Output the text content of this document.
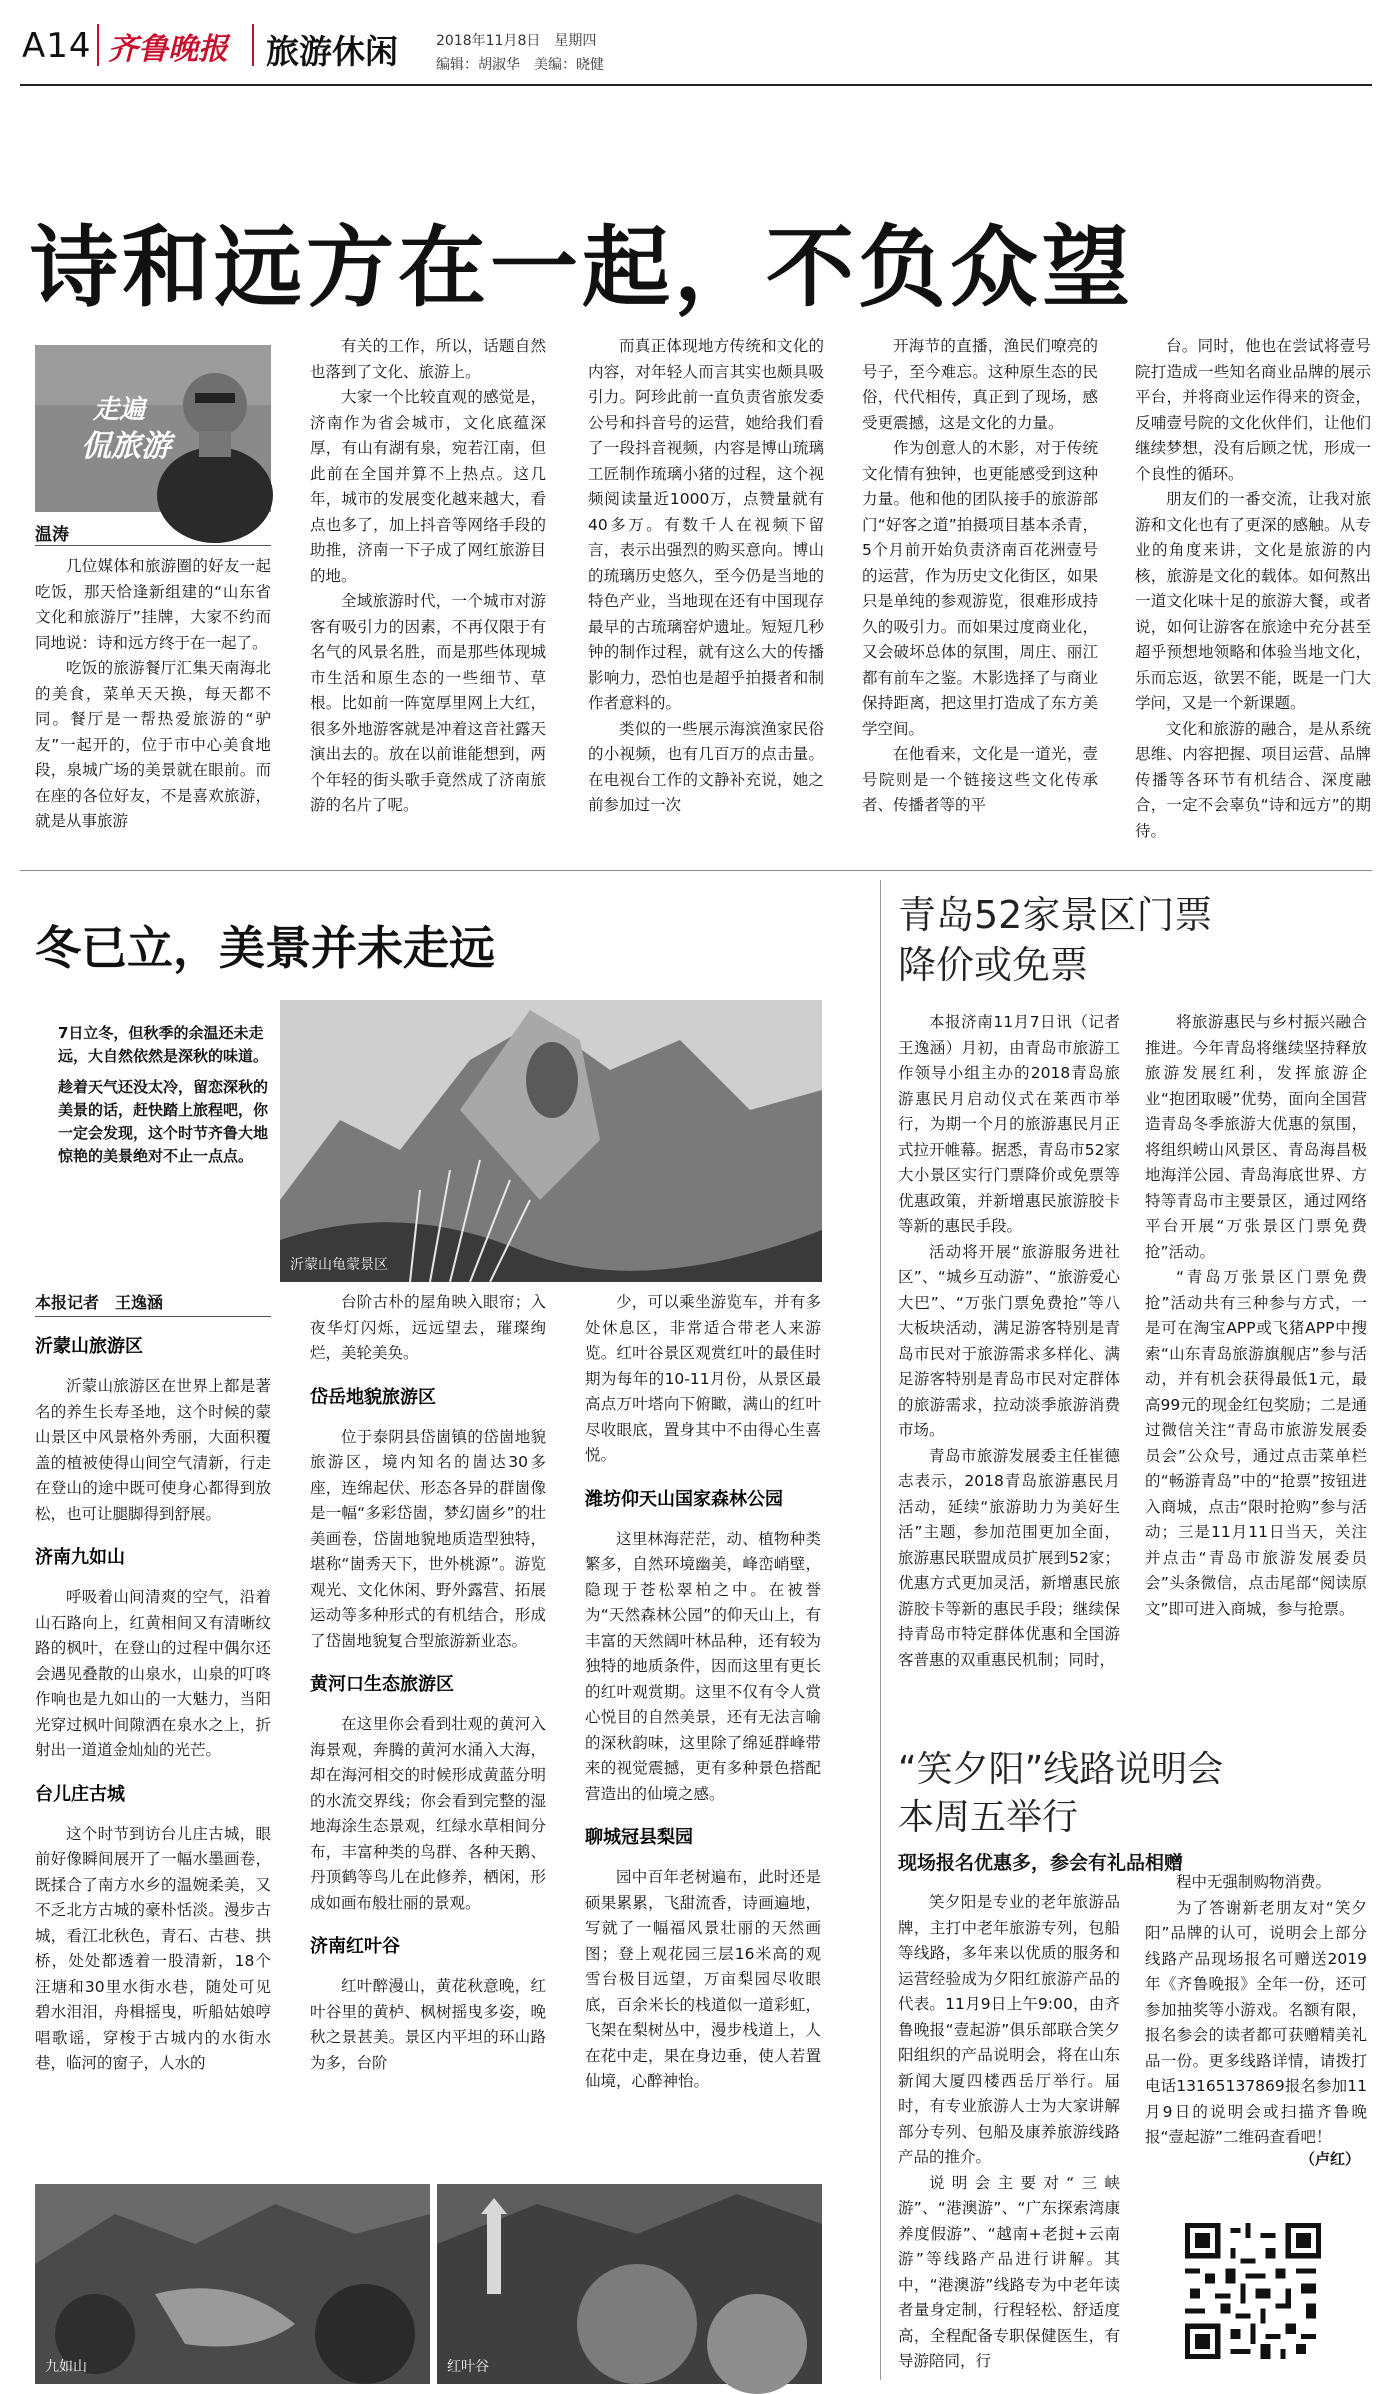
A14 齐鲁晚报 旅游休闲	2018年11月8日　星期四
编辑：胡淑华　美编：晓健
诗和远方在一起，不负众望
走遍
侃旅游
温涛

几位媒体和旅游圈的好友一起吃饭，那天恰逢新组建的“山东省文化和旅游厅”挂牌，大家不约而同地说：诗和远方终于在一起了。

吃饭的旅游餐厅汇集天南海北的美食，菜单天天换，每天都不同。餐厅是一帮热爱旅游的“驴友”一起开的，位于市中心美食地段，泉城广场的美景就在眼前。而在座的各位好友，不是喜欢旅游，就是从事旅游

有关的工作，所以，话题自然也落到了文化、旅游上。

大家一个比较直观的感觉是，济南作为省会城市，文化底蕴深厚，有山有湖有泉，宛若江南，但此前在全国并算不上热点。这几年，城市的发展变化越来越大，看点也多了，加上抖音等网络手段的助推，济南一下子成了网红旅游目的地。

全域旅游时代，一个城市对游客有吸引力的因素，不再仅限于有名气的风景名胜，而是那些体现城市生活和原生态的一些细节、草根。比如前一阵宽厚里网上大红，很多外地游客就是冲着这音社露天演出去的。放在以前谁能想到，两个年轻的街头歌手竟然成了济南旅游的名片了呢。

而真正体现地方传统和文化的内容，对年轻人而言其实也颇具吸引力。阿珍此前一直负责省旅发委公号和抖音号的运营，她给我们看了一段抖音视频，内容是博山琉璃工匠制作琉璃小猪的过程，这个视频阅读量近1000万，点赞量就有40多万。有数千人在视频下留言，表示出强烈的购买意向。博山的琉璃历史悠久，至今仍是当地的特色产业，当地现在还有中国现存最早的古琉璃窑炉遗址。短短几秒钟的制作过程，就有这么大的传播影响力，恐怕也是超乎拍摄者和制作者意料的。

类似的一些展示海滨渔家民俗的小视频，也有几百万的点击量。在电视台工作的文静补充说，她之前参加过一次

开海节的直播，渔民们嘹亮的号子，至今难忘。这种原生态的民俗，代代相传，真正到了现场，感受更震撼，这是文化的力量。

作为创意人的木影，对于传统文化情有独钟，也更能感受到这种力量。他和他的团队接手的旅游部门“好客之道”拍摄项目基本杀青，5个月前开始负责济南百花洲壹号的运营，作为历史文化街区，如果只是单纯的参观游览，很难形成持久的吸引力。而如果过度商业化，又会破坏总体的氛围，周庄、丽江都有前车之鉴。木影选择了与商业保持距离，把这里打造成了东方美学空间。

在他看来，文化是一道光，壹号院则是一个链接这些文化传承者、传播者等的平

台。同时，他也在尝试将壹号院打造成一些知名商业品牌的展示平台，并将商业运作得来的资金，反哺壹号院的文化伙伴们，让他们继续梦想，没有后顾之忧，形成一个良性的循环。

朋友们的一番交流，让我对旅游和文化也有了更深的感触。从专业的角度来讲，文化是旅游的内核，旅游是文化的载体。如何熬出一道文化味十足的旅游大餐，或者说，如何让游客在旅途中充分甚至超乎预想地领略和体验当地文化，乐而忘返，欲罢不能，既是一门大学问，又是一个新课题。

文化和旅游的融合，是从系统思维、内容把握、项目运营、品牌传播等各环节有机结合、深度融合，一定不会辜负“诗和远方”的期待。

冬已立，美景并未走远

7日立冬，但秋季的余温还未走远，大自然依然是深秋的味道。

趁着天气还没太冷，留恋深秋的美景的话，赶快踏上旅程吧，你一定会发现，这个时节齐鲁大地惊艳的美景绝对不止一点点。

沂蒙山龟蒙景区
本报记者　王逸涵
沂蒙山旅游区

沂蒙山旅游区在世界上都是著名的养生长寿圣地，这个时候的蒙山景区中风景格外秀丽，大面积覆盖的植被使得山间空气清新，行走在登山的途中既可使身心都得到放松，也可让腿脚得到舒展。

济南九如山

呼吸着山间清爽的空气，沿着山石路向上，红黄相间又有清晰纹路的枫叶，在登山的过程中偶尔还会遇见叠散的山泉水，山泉的叮咚作响也是九如山的一大魅力，当阳光穿过枫叶间隙洒在泉水之上，折射出一道道金灿灿的光芒。

台儿庄古城

这个时节到访台儿庄古城，眼前好像瞬间展开了一幅水墨画卷，既揉合了南方水乡的温婉柔美，又不乏北方古城的豪朴恬淡。漫步古城，看江北秋色，青石、古巷、拱桥，处处都透着一股清新，18个汪塘和30里水街水巷，随处可见碧水泪泪，舟楫摇曳，听船姑娘哼唱歌谣，穿梭于古城内的水街水巷，临河的窗子，人水的

台阶古朴的屋角映入眼帘；入夜华灯闪烁，远远望去，璀璨绚烂，美轮美奂。

岱岳地貌旅游区

位于泰阴县岱崮镇的岱崮地貌旅游区，境内知名的崮达30多座，连绵起伏、形态各异的群崮像是一幅“多彩岱崮，梦幻崮乡”的壮美画卷，岱崮地貌地质造型独特，堪称“崮秀天下，世外桃源”。游览观光、文化休闲、野外露营、拓展运动等多种形式的有机结合，形成了岱崮地貌复合型旅游新业态。

黄河口生态旅游区

在这里你会看到壮观的黄河入海景观，奔腾的黄河水涌入大海，却在海河相交的时候形成黄蓝分明的水流交界线；你会看到完整的湿地海涂生态景观，红绿水草相间分布，丰富种类的鸟群、各种天鹅、丹顶鹤等鸟儿在此修养，栖闲，形成如画布般壮丽的景观。

济南红叶谷

红叶醉漫山，黄花秋意晚，红叶谷里的黄栌、枫树摇曳多姿，晚秋之景甚美。景区内平坦的环山路为多，台阶

少，可以乘坐游览车，并有多处休息区，非常适合带老人来游览。红叶谷景区观赏红叶的最佳时期为每年的10-11月份，从景区最高点万叶塔向下俯瞰，满山的红叶尽收眼底，置身其中不由得心生喜悦。

潍坊仰天山国家森林公园

这里林海茫茫，动、植物种类繁多，自然环境幽美，峰峦峭壁，隐现于苍松翠柏之中。在被誉为“天然森林公园”的仰天山上，有丰富的天然阔叶林品种，还有较为独特的地质条件，因而这里有更长的红叶观赏期。这里不仅有令人赏心悦目的自然美景，还有无法言喻的深秋韵味，这里除了绵延群峰带来的视觉震撼，更有多种景色搭配营造出的仙境之感。

聊城冠县梨园

园中百年老树遍布，此时还是硕果累累，飞甜流香，诗画遍地，写就了一幅福风景壮丽的天然画图；登上观花园三层16米高的观雪台极目远望，万亩梨园尽收眼底，百余米长的栈道似一道彩虹，飞架在梨树丛中，漫步栈道上，人在花中走，果在身边垂，使人若置仙境，心醉神怡。

九如山	红叶谷
青岛52家景区门票
降价或免票

本报济南11月7日讯（记者　王逸涵）月初，由青岛市旅游工作领导小组主办的2018青岛旅游惠民月启动仪式在莱西市举行，为期一个月的旅游惠民月正式拉开帷幕。据悉，青岛市52家大小景区实行门票降价或免票等优惠政策，并新增惠民旅游胶卡等新的惠民手段。

活动将开展“旅游服务进社区”、“城乡互动游”、“旅游爱心大巴”、“万张门票免费抢”等八大板块活动，满足游客特别是青岛市民对于旅游需求多样化、满足游客特别是青岛市民对定群体的旅游需求，拉动淡季旅游消费市场。

青岛市旅游发展委主任崔德志表示，2018青岛旅游惠民月活动，延续“旅游助力为美好生活”主题，参加范围更加全面，旅游惠民联盟成员扩展到52家；优惠方式更加灵活，新增惠民旅游胶卡等新的惠民手段；继续保持青岛市特定群体优惠和全国游客普惠的双重惠民机制；同时，

将旅游惠民与乡村振兴融合推进。今年青岛将继续坚持释放旅游发展红利，发挥旅游企业“抱团取暖”优势，面向全国营造青岛冬季旅游大优惠的氛围，将组织崂山风景区、青岛海昌极地海洋公园、青岛海底世界、方特等青岛市主要景区，通过网络平台开展“万张景区门票免费抢”活动。

“青岛万张景区门票免费抢”活动共有三种参与方式，一是可在淘宝APP或飞猪APP中搜索“山东青岛旅游旗舰店”参与活动，并有机会获得最低1元，最高99元的现金红包奖励；二是通过微信关注“青岛市旅游发展委员会”公众号，通过点击菜单栏的“畅游青岛”中的“抢票”按钮进入商城，点击“限时抢购”参与活动；三是11月11日当天，关注并点击“青岛市旅游发展委员会”头条微信，点击尾部“阅读原文”即可进入商城，参与抢票。

“笑夕阳”线路说明会
本周五举行
现场报名优惠多，参会有礼品相赠

笑夕阳是专业的老年旅游品牌，主打中老年旅游专列，包船等线路，多年来以优质的服务和运营经验成为夕阳红旅游产品的代表。11月9日上午9:00，由齐鲁晚报“壹起游”俱乐部联合笑夕阳组织的产品说明会，将在山东新闻大厦四楼西岳厅举行。届时，有专业旅游人士为大家讲解部分专列、包船及康养旅游线路产品的推介。

说明会主要对“三峡游”、“港澳游”、“广东探索湾康养度假游”、“越南+老挝+云南游”等线路产品进行讲解。其中，“港澳游”线路专为中老年读者量身定制，行程轻松、舒适度高，全程配备专职保健医生，有导游陪同，行

程中无强制购物消费。

为了答谢新老朋友对“笑夕阳”品牌的认可，说明会上部分线路产品现场报名可赠送2019年《齐鲁晚报》全年一份，还可参加抽奖等小游戏。名额有限，报名参会的读者都可获赠精美礼品一份。更多线路详情，请拨打电话13165137869报名参加11月9日的说明会或扫描齐鲁晚报“壹起游”二维码查看吧！

（卢红）
